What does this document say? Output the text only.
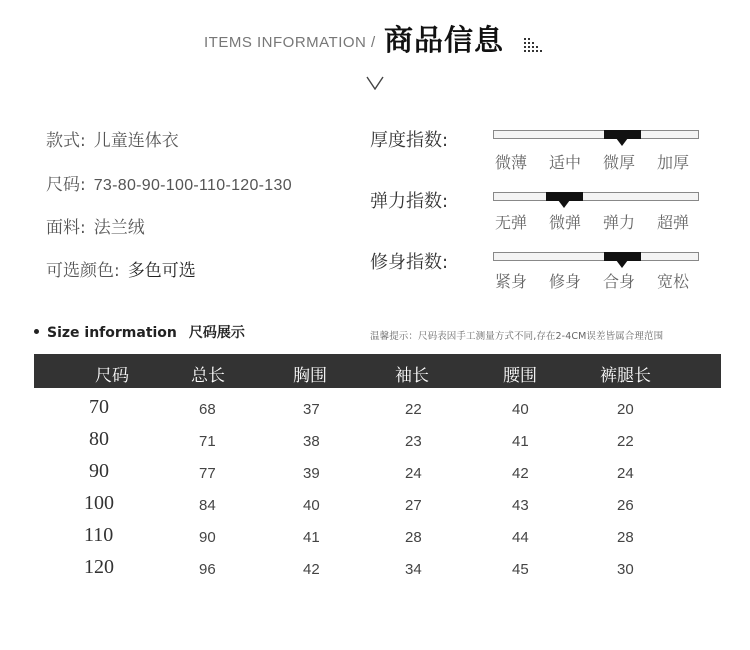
ITEMS INFORMATION / 商品信息
款式: 儿童连体衣
尺码: 73-80-90-100-110-120-130
面料: 法兰绒
可选颜色: 多色可选
厚度指数:
微薄 适中 微厚 加厚
弹力指数:
无弹 微弹 弹力 超弹
修身指数:
紧身 修身 合身 宽松
Size information 尺码展示	温馨提示：尺码表因手工测量方式不同,存在2-4CM误差皆属合理范围
尺码	总长	胸围	袖长	腰围	裤腿长
70	68	37	22	40	20
80	71	38	23	41	22
90	77	39	24	42	24
100	84	40	27	43	26
110	90	41	28	44	28
120	96	42	34	45	30
